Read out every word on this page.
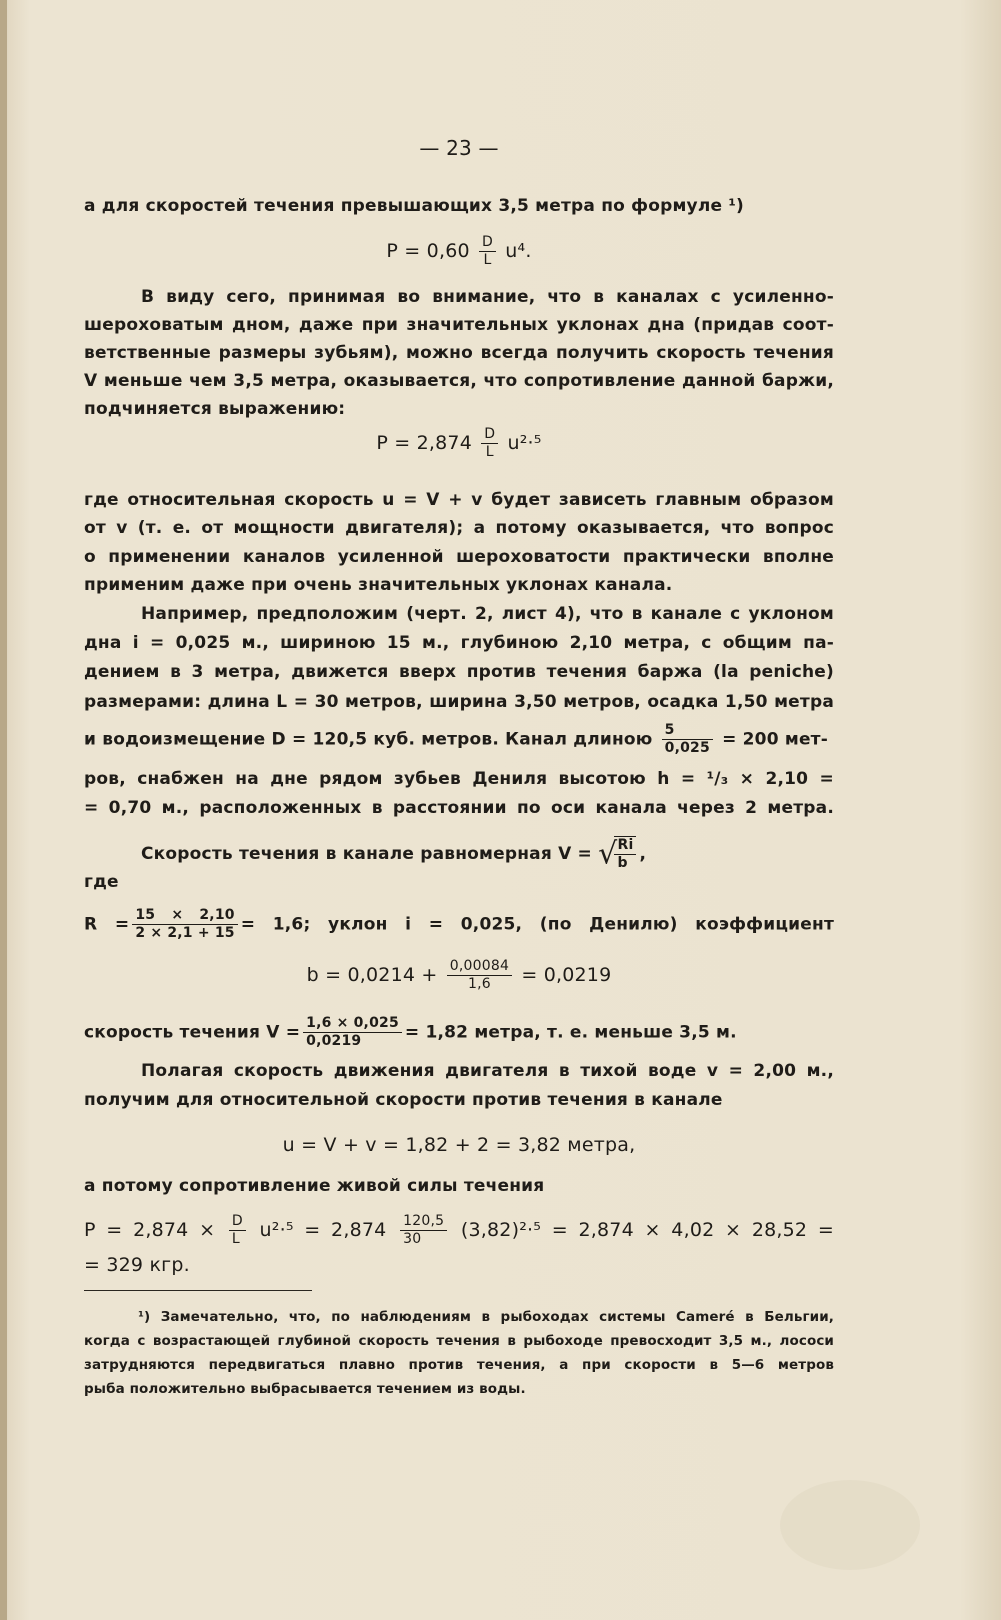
— 23 —
а для скоростей течения превышающих 3,5 метра по формуле ¹)
$P = 0,60 \frac{D}{L} u^4$.
В виду сего, принимая во внимание, что в каналах с усиленно-
шероховатым дном, даже при значительных уклонах дна (придав соот-
ветственные размеры зубьям), можно всегда получить скорость течения
V меньше чем 3,5 метра, оказывается, что сопротивление данной баржи,
подчиняется выражению:
$P = 2,874 \frac{D}{L} u^2\cdot^5$
где относительная скорость u = V + v будет зависеть главным образом
от v (т. е. от мощности двигателя); а потому оказывается, что вопрос
о применении каналов усиленной шероховатости практически вполне
применим даже при очень значительных уклонах канала.
Например, предположим (черт. 2, лист 4), что в канале с уклоном
дна i = 0,025 м., шириною 15 м., глубиною 2,10 метра, с общим па-
дением в 3 метра, движется вверх против течения баржа (la peniche)
размерами: длина L = 30 метров, ширина 3,50 метров, осадка 1,50 метра
и водоизмещение D = 120,5 куб. метров. Канал длиною $\frac{5}{0,025} = 200$ мет-
ров, снабжен на дне рядом зубьев Дениля высотою h = ¹/₃ × 2,10 =
= 0,70 м., расположенных в расстоянии по оси канала через 2 метра.
Скорость течения в канале равномерная V = √
$\frac{Ri}{b}$ ,
где
$R = \frac{15 \times 2,10}{2 \times 2,1 + 15} = 1,6$; уклон i = 0,025, (по Денилю) коэффициент
$b = 0,0214 + \frac{0,00084}{1,6} = 0,0219$
скорость течения $V = \frac{1,6 \times 0,025}{0,0219} = 1,82$ метра, т. е. меньше 3,5 м.
Полагая скорость движения двигателя в тихой воде v = 2,00 м.,
получим для относительной скорости против течения в канале
u = V + v = 1,82 + 2 = 3,82 метра,
а потому сопротивление живой силы течения
$P = 2,874 \times \frac{D}{L} u^2\cdot^5 = 2,874 \frac{120,5}{30} (3,82)^2\cdot^5 = 2,874 \times 4,02 \times 28,52$ =
= 329 кгр.
¹) Замечательно, что, по наблюдениям в рыбоходах системы Camerе́ в Бельгии,
когда с возрастающей глубиной скорость течения в рыбоходе превосходит 3,5 м., лососи
затрудняются передвигаться плавно против течения, а при скорости в 5—6 метров
рыба положительно выбрасывается течением из воды.
